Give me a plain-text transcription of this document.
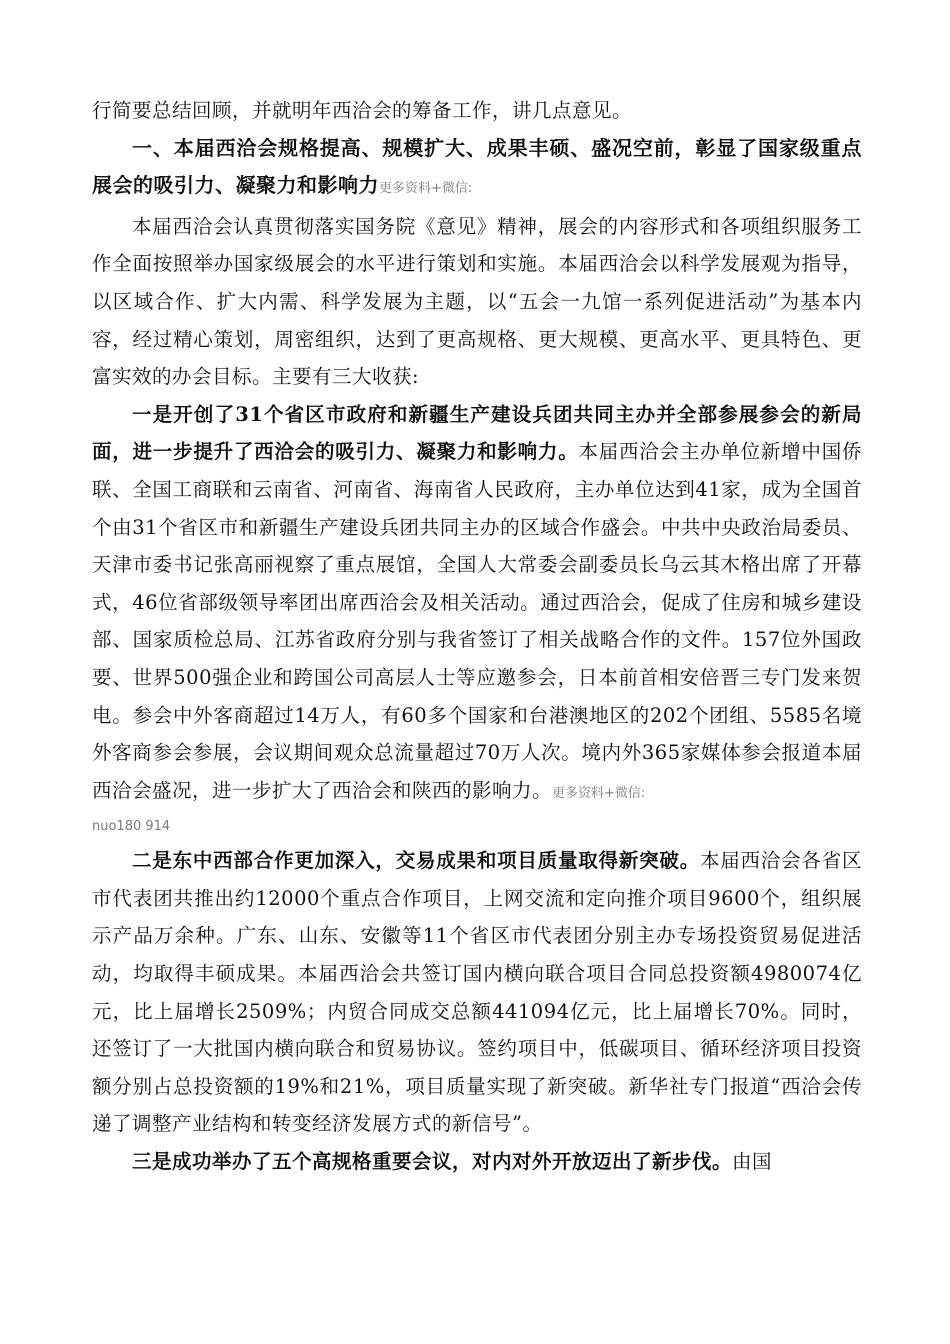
行简要总结回顾，并就明年西洽会的筹备工作，讲几点意见。

一、本届西洽会规格提高、规模扩大、成果丰硕、盛况空前，彰显了国家级重点展会的吸引力、凝聚力和影响力更多资料+微信:

本届西洽会认真贯彻落实国务院《意见》精神，展会的内容形式和各项组织服务工作全面按照举办国家级展会的水平进行策划和实施。本届西洽会以科学发展观为指导，以区域合作、扩大内需、科学发展为主题，以“五会一九馆一系列促进活动”为基本内容，经过精心策划，周密组织，达到了更高规格、更大规模、更高水平、更具特色、更富实效的办会目标。主要有三大收获:

一是开创了31个省区市政府和新疆生产建设兵团共同主办并全部参展参会的新局面，进一步提升了西洽会的吸引力、凝聚力和影响力。本届西洽会主办单位新增中国侨联、全国工商联和云南省、河南省、海南省人民政府，主办单位达到41家，成为全国首个由31个省区市和新疆生产建设兵团共同主办的区域合作盛会。中共中央政治局委员、天津市委书记张高丽视察了重点展馆，全国人大常委会副委员长乌云其木格出席了开幕式，46位省部级领导率团出席西洽会及相关活动。通过西洽会，促成了住房和城乡建设部、国家质检总局、江苏省政府分别与我省签订了相关战略合作的文件。157位外国政要、世界500强企业和跨国公司高层人士等应邀参会，日本前首相安倍晋三专门发来贺电。参会中外客商超过14万人，有60多个国家和台港澳地区的202个团组、5585名境外客商参会参展，会议期间观众总流量超过70万人次。境内外365家媒体参会报道本届西洽会盛况，进一步扩大了西洽会和陕西的影响力。更多资料+微信:

nuo180 914

二是东中西部合作更加深入，交易成果和项目质量取得新突破。本届西洽会各省区市代表团共推出约12000个重点合作项目，上网交流和定向推介项目9600个，组织展示产品万余种。广东、山东、安徽等11个省区市代表团分别主办专场投资贸易促进活动，均取得丰硕成果。本届西洽会共签订国内横向联合项目合同总投资额4980074亿元，比上届增长2509%；内贸合同成交总额441094亿元，比上届增长70%。同时，还签订了一大批国内横向联合和贸易协议。签约项目中，低碳项目、循环经济项目投资额分别占总投资额的19%和21%，项目质量实现了新突破。新华社专门报道“西洽会传递了调整产业结构和转变经济发展方式的新信号”。

三是成功举办了五个高规格重要会议，对内对外开放迈出了新步伐。由国
